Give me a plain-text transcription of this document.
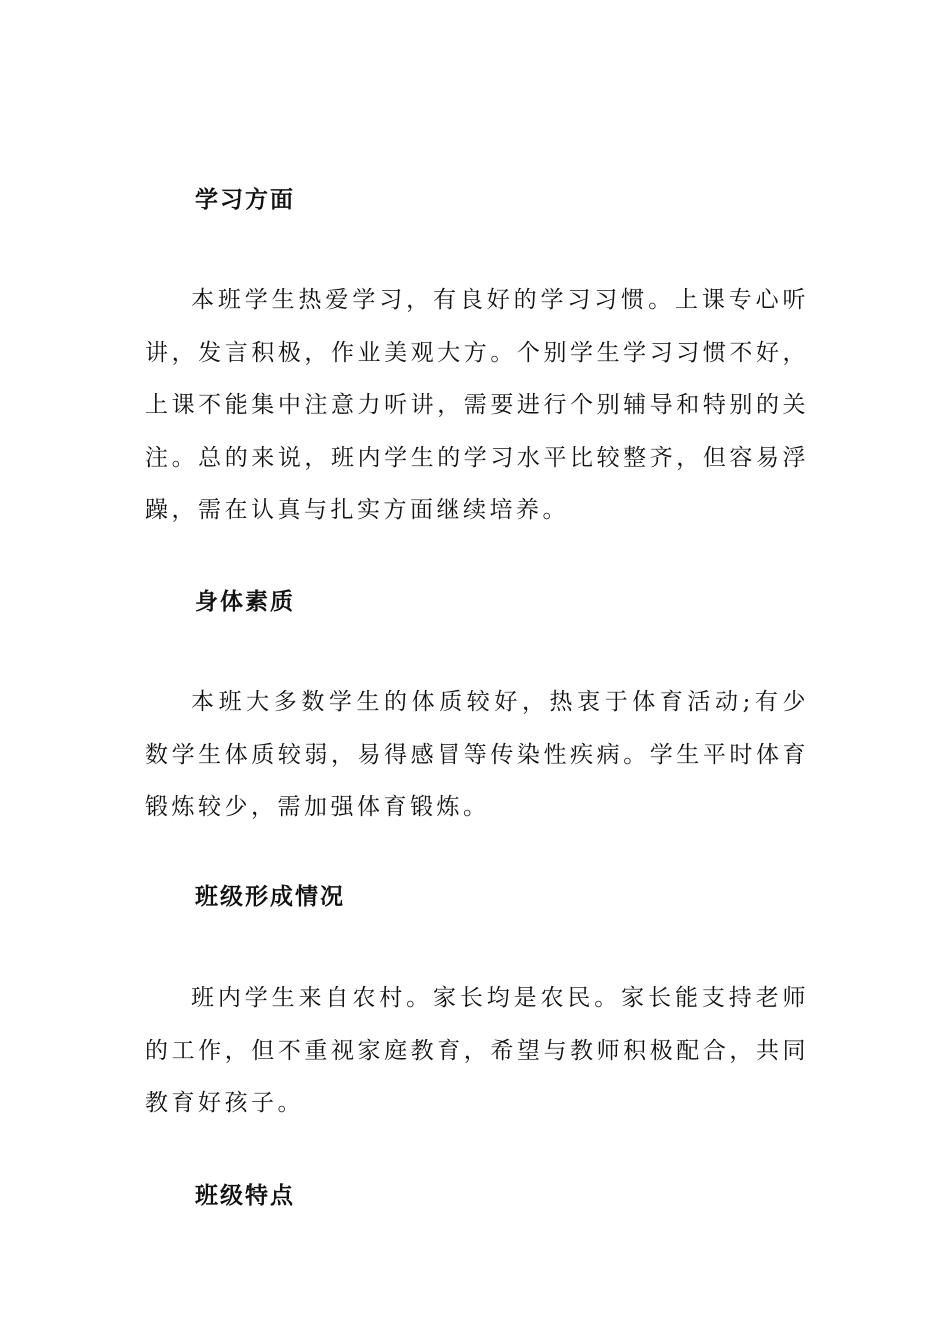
学习方面

本班学生热爱学习，有良好的学习习惯。上课专心听讲，发言积极，作业美观大方。个别学生学习习惯不好，上课不能集中注意力听讲，需要进行个别辅导和特别的关注。总的来说，班内学生的学习水平比较整齐，但容易浮躁，需在认真与扎实方面继续培养。

身体素质

本班大多数学生的体质较好，热衷于体育活动;有少数学生体质较弱，易得感冒等传染性疾病。学生平时体育锻炼较少，需加强体育锻炼。

班级形成情况

班内学生来自农村。家长均是农民。家长能支持老师的工作，但不重视家庭教育，希望与教师积极配合，共同教育好孩子。

班级特点
